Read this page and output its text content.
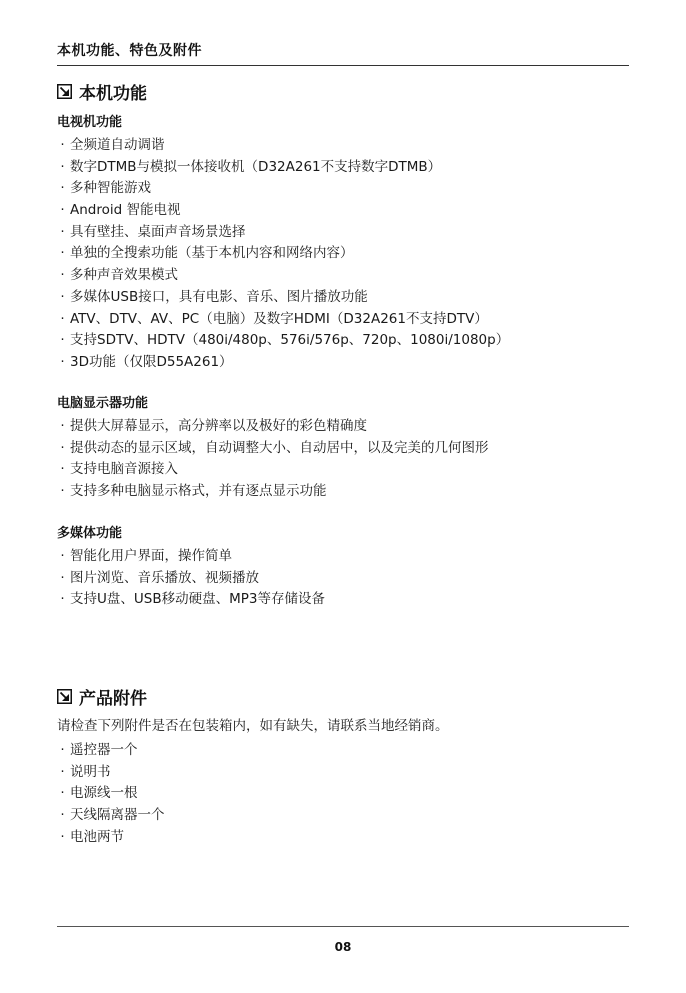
本机功能、特色及附件
本机功能
电视机功能
· 全频道自动调谐
· 数字DTMB与模拟一体接收机（D32A261不支持数字DTMB）
· 多种智能游戏
· Android 智能电视
· 具有壁挂、桌面声音场景选择
· 单独的全搜索功能（基于本机内容和网络内容）
· 多种声音效果模式
· 多媒体USB接口，具有电影、音乐、图片播放功能
· ATV、DTV、AV、PC（电脑）及数字HDMI（D32A261不支持DTV）
· 支持SDTV、HDTV（480i/480p、576i/576p、720p、1080i/1080p）
· 3D功能（仅限D55A261）
电脑显示器功能
· 提供大屏幕显示，高分辨率以及极好的彩色精确度
· 提供动态的显示区域，自动调整大小、自动居中，以及完美的几何图形
· 支持电脑音源接入
· 支持多种电脑显示格式，并有逐点显示功能
多媒体功能
· 智能化用户界面，操作简单
· 图片浏览、音乐播放、视频播放
· 支持U盘、USB移动硬盘、MP3等存储设备
产品附件
请检查下列附件是否在包装箱内，如有缺失，请联系当地经销商。
· 遥控器一个
· 说明书
· 电源线一根
· 天线隔离器一个
· 电池两节
08
